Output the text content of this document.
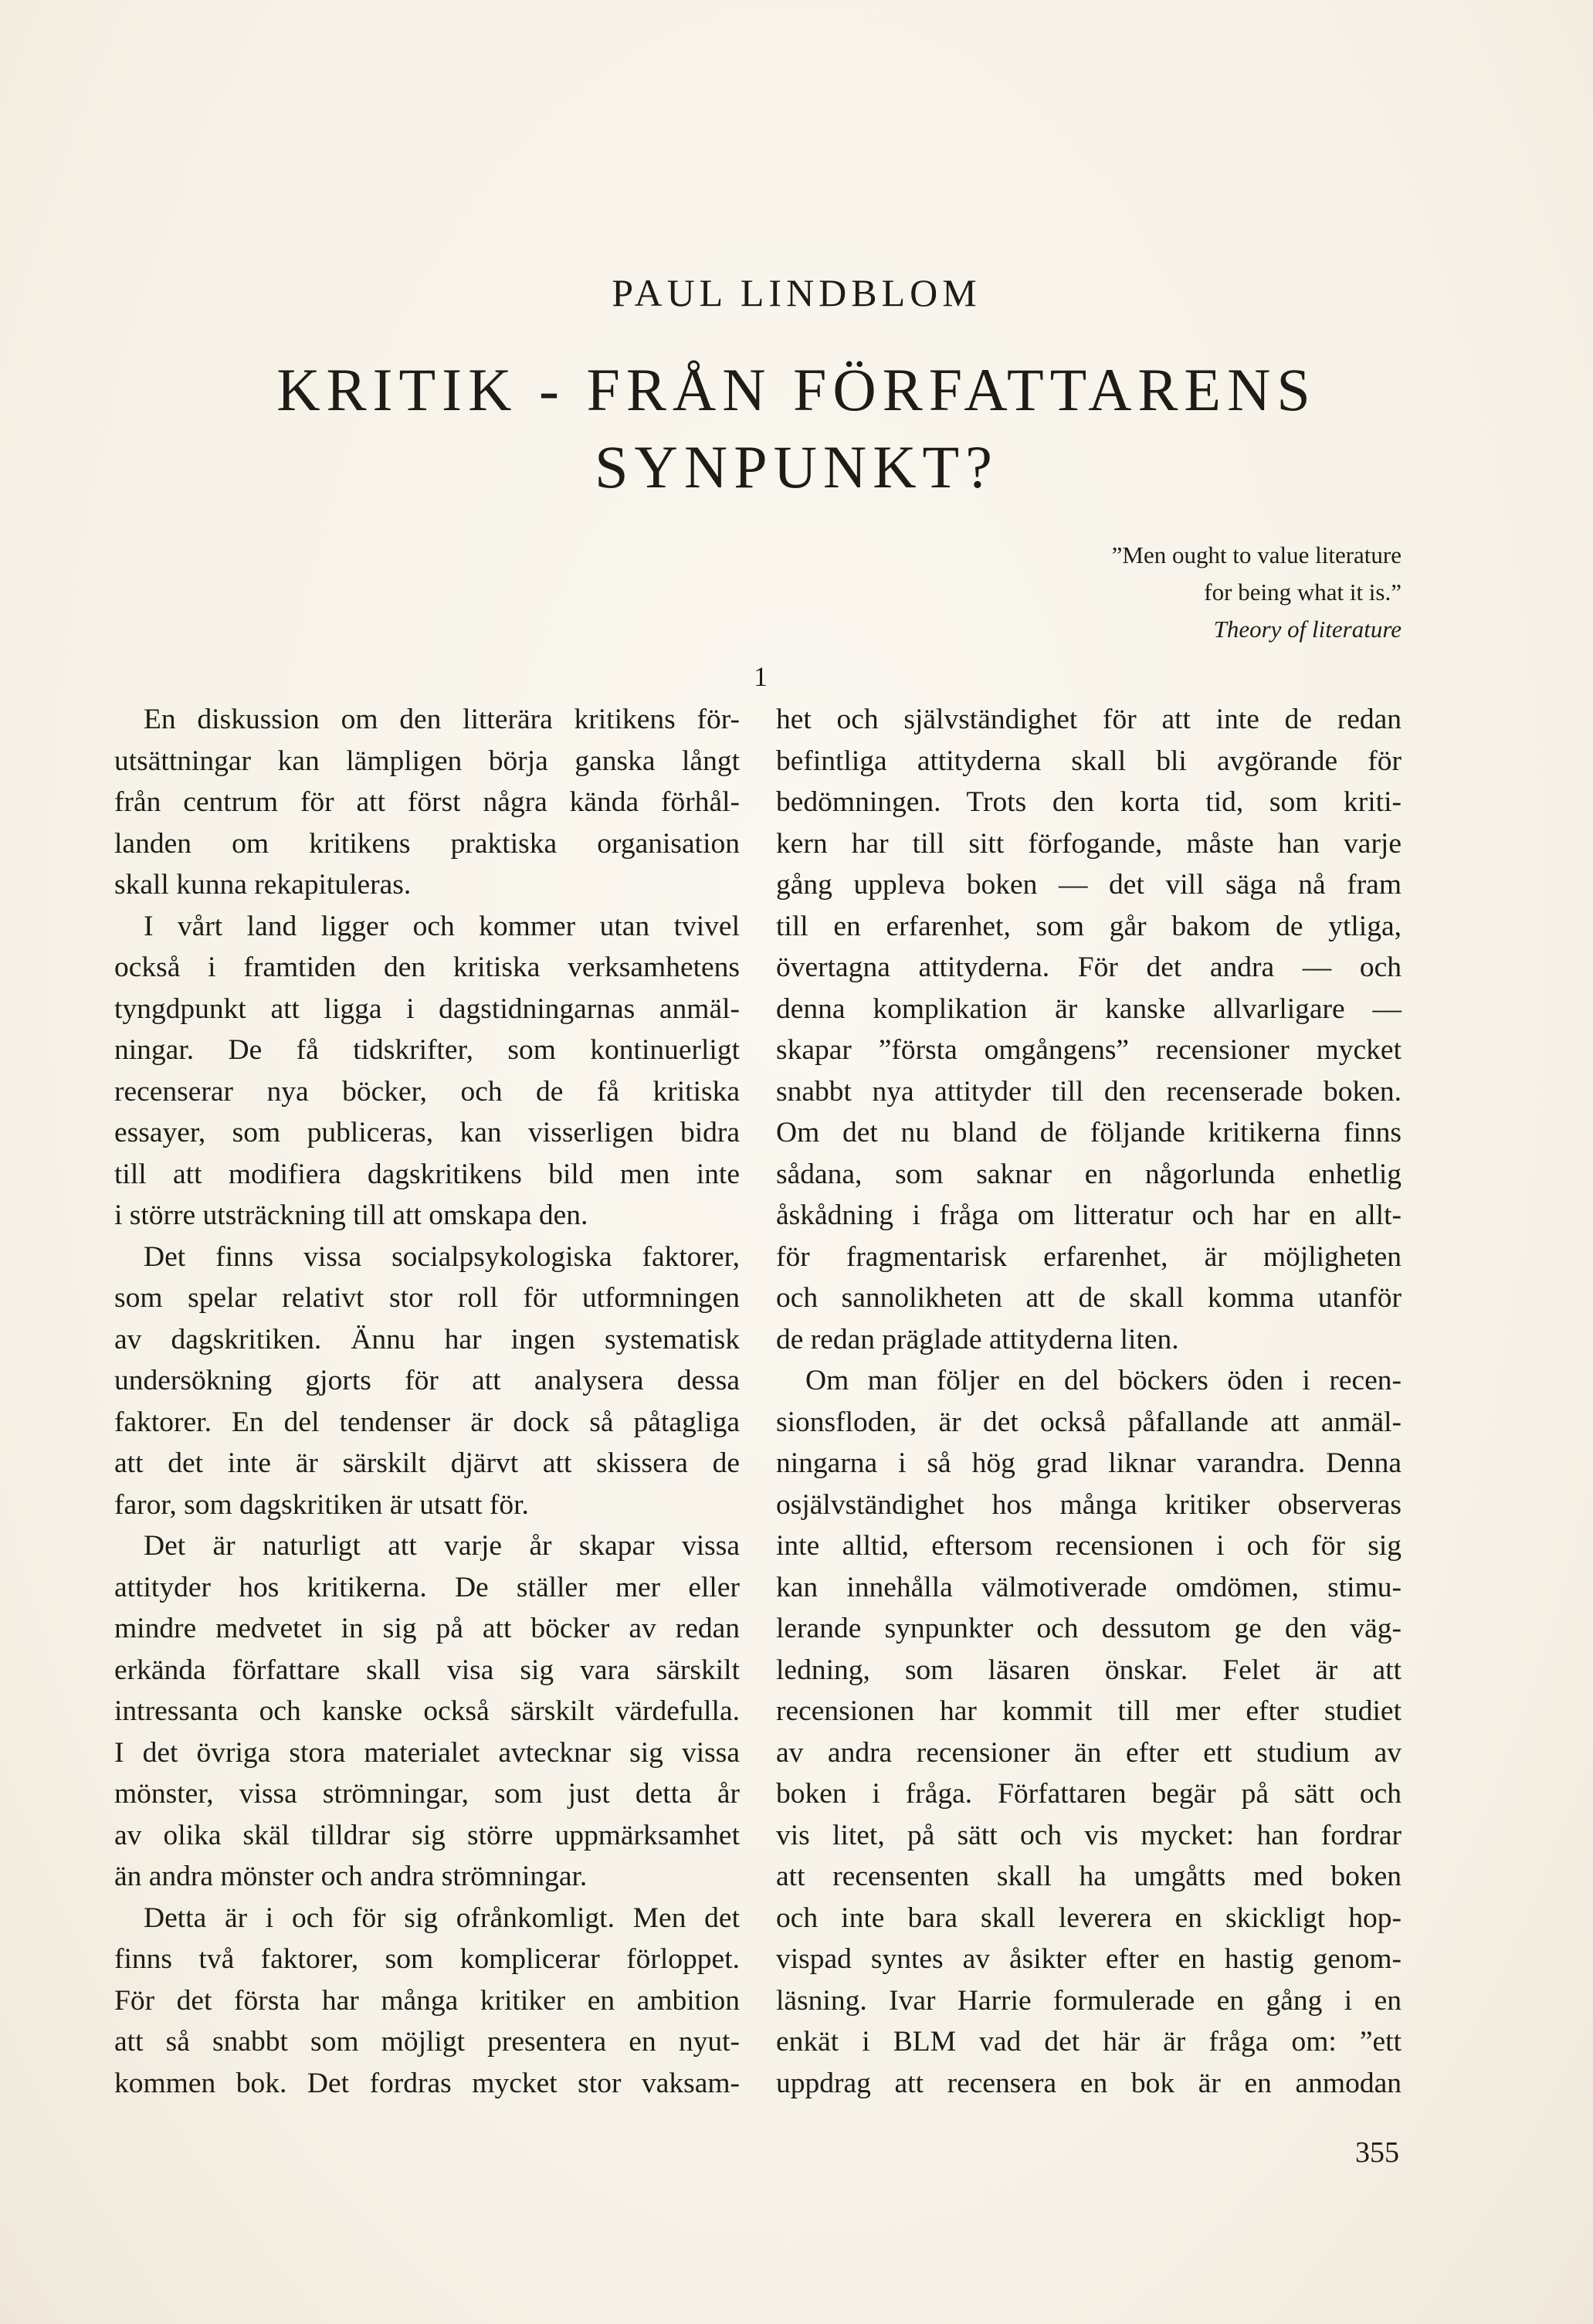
PAUL LINDBLOM
KRITIK - FRÅN FÖRFATTARENS
SYNPUNKT?
”Men ought to value literature
for being what it is.”
Theory of literature
1
En diskussion om den litterära kritikens för-
utsättningar kan lämpligen börja ganska långt
från centrum för att först några kända förhål-
landen om kritikens praktiska organisation
skall kunna rekapituleras.
I vårt land ligger och kommer utan tvivel
också i framtiden den kritiska verksamhetens
tyngdpunkt att ligga i dagstidningarnas anmäl-
ningar. De få tidskrifter, som kontinuerligt
recenserar nya böcker, och de få kritiska
essayer, som publiceras, kan visserligen bidra
till att modifiera dagskritikens bild men inte
i större utsträckning till att omskapa den.
Det finns vissa socialpsykologiska faktorer,
som spelar relativt stor roll för utformningen
av dagskritiken. Ännu har ingen systematisk
undersökning gjorts för att analysera dessa
faktorer. En del tendenser är dock så påtagliga
att det inte är särskilt djärvt att skissera de
faror, som dagskritiken är utsatt för.
Det är naturligt att varje år skapar vissa
attityder hos kritikerna. De ställer mer eller
mindre medvetet in sig på att böcker av redan
erkända författare skall visa sig vara särskilt
intressanta och kanske också särskilt värdefulla.
I det övriga stora materialet avtecknar sig vissa
mönster, vissa strömningar, som just detta år
av olika skäl tilldrar sig större uppmärksamhet
än andra mönster och andra strömningar.
Detta är i och för sig ofrånkomligt. Men det
finns två faktorer, som komplicerar förloppet.
För det första har många kritiker en ambition
att så snabbt som möjligt presentera en nyut-
kommen bok. Det fordras mycket stor vaksam-
het och självständighet för att inte de redan
befintliga attityderna skall bli avgörande för
bedömningen. Trots den korta tid, som kriti-
kern har till sitt förfogande, måste han varje
gång uppleva boken — det vill säga nå fram
till en erfarenhet, som går bakom de ytliga,
övertagna attityderna. För det andra — och
denna komplikation är kanske allvarligare —
skapar ”första omgångens” recensioner mycket
snabbt nya attityder till den recenserade boken.
Om det nu bland de följande kritikerna finns
sådana, som saknar en någorlunda enhetlig
åskådning i fråga om litteratur och har en allt-
för fragmentarisk erfarenhet, är möjligheten
och sannolikheten att de skall komma utanför
de redan präglade attityderna liten.
Om man följer en del böckers öden i recen-
sionsfloden, är det också påfallande att anmäl-
ningarna i så hög grad liknar varandra. Denna
osjälvständighet hos många kritiker observeras
inte alltid, eftersom recensionen i och för sig
kan innehålla välmotiverade omdömen, stimu-
lerande synpunkter och dessutom ge den väg-
ledning, som läsaren önskar. Felet är att
recensionen har kommit till mer efter studiet
av andra recensioner än efter ett studium av
boken i fråga. Författaren begär på sätt och
vis litet, på sätt och vis mycket: han fordrar
att recensenten skall ha umgåtts med boken
och inte bara skall leverera en skickligt hop-
vispad syntes av åsikter efter en hastig genom-
läsning. Ivar Harrie formulerade en gång i en
enkät i BLM vad det här är fråga om: ”ett
uppdrag att recensera en bok är en anmodan
355
